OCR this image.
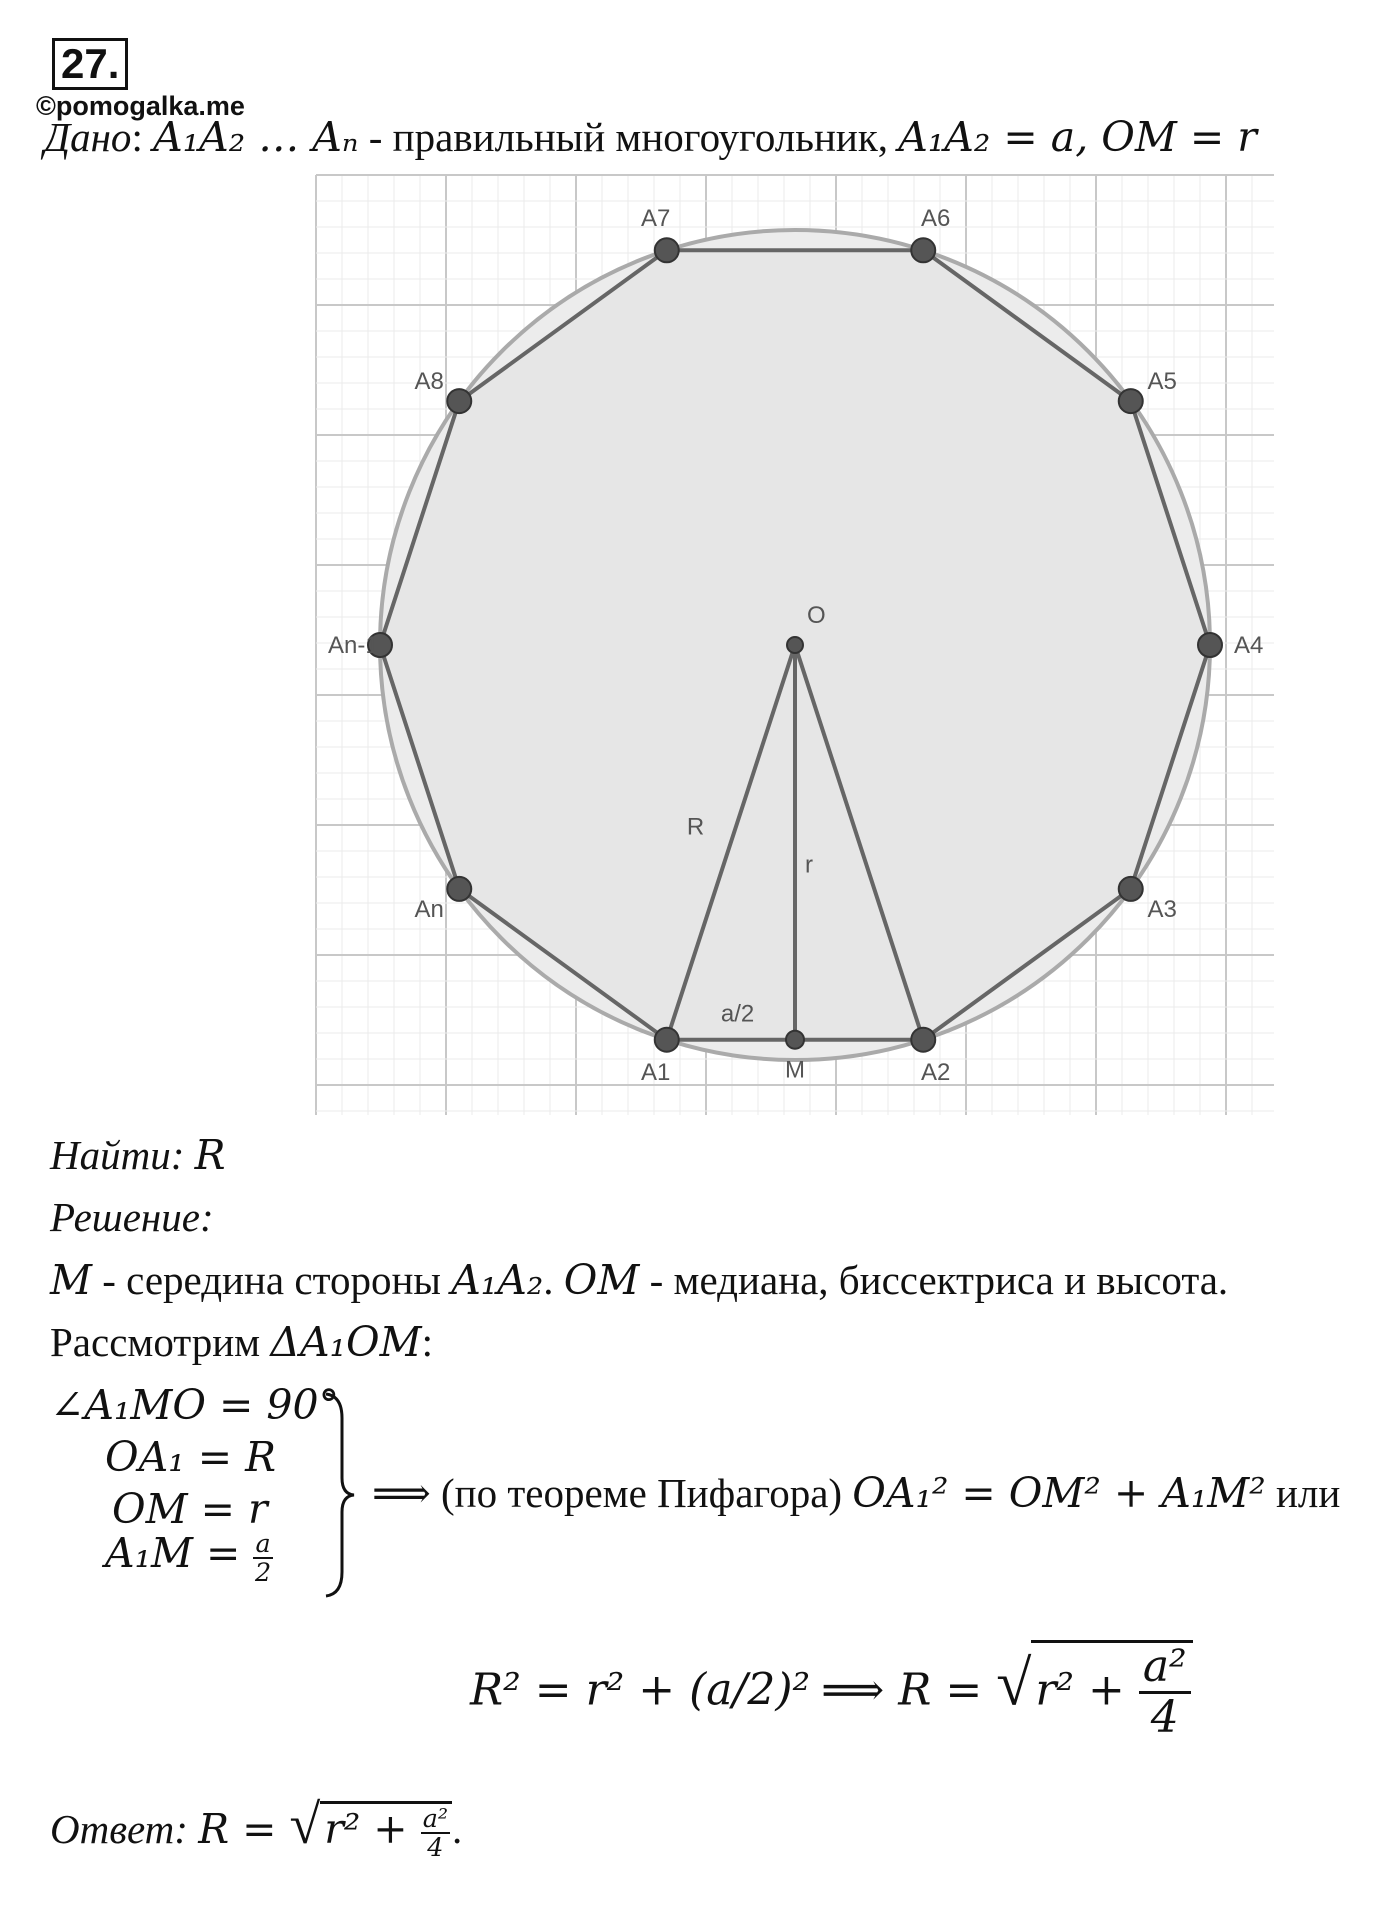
27.
©pomogalka.me
Дано: A₁A₂ … Aₙ - правильный многоугольник, A₁A₂ = a, OM = r
A1	A2
A3
A4
A5
A6
A7
A8
An-1
An
R
r
a/2
O
M
Найти: R
Решение:
M - середина стороны A₁A₂. OM - медиана, биссектриса и высота.
Рассмотрим ΔA₁OM:
∠A₁MO = 90°
OA₁ = R
OM = r
$A_1M = \frac{a}{2}$
⟹ (по теореме Пифагора) OA₁² = OM² + A₁M² или
R² = r² + (a/2)² ⟹ $R = √r^2 + \frac{\text{a²}}{4}$
Ответ: $R = √r^2 + \frac{\text{a²}}{4}$ .
